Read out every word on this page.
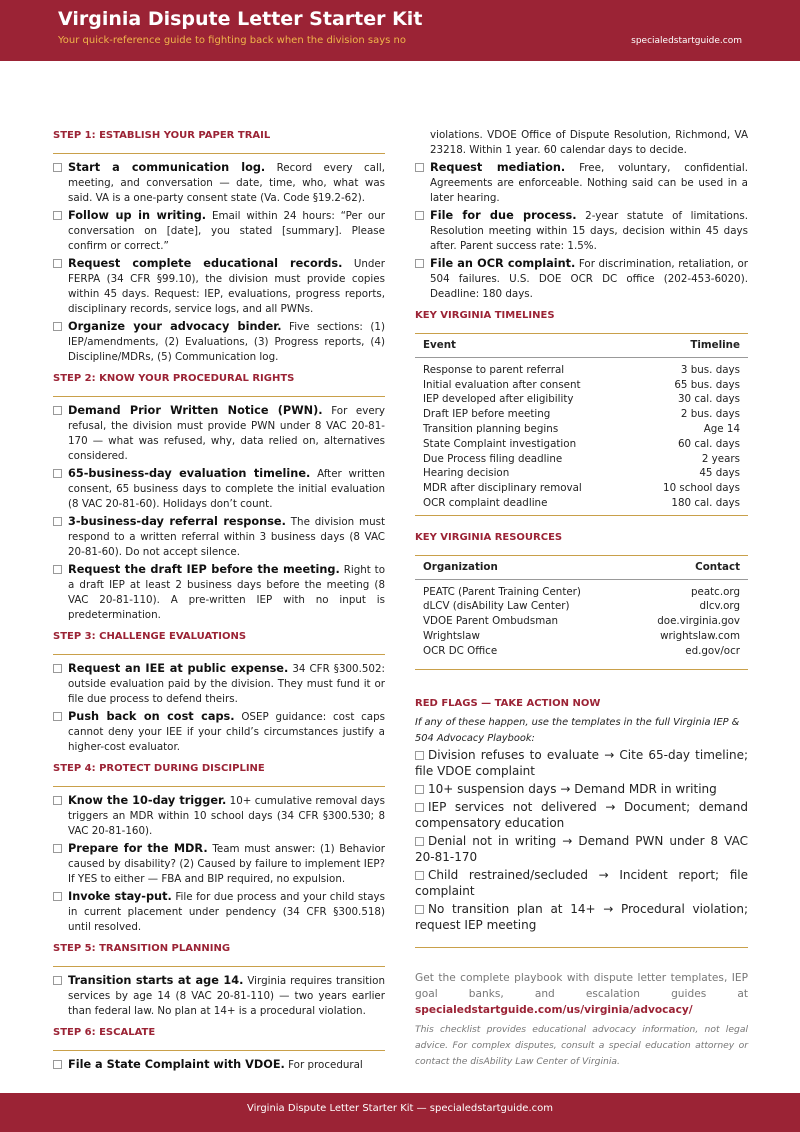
Virginia Dispute Letter Starter Kit
Your quick-reference guide to fighting back when the division says no	specialedstartguide.com
STEP 1: ESTABLISH YOUR PAPER TRAIL
Start a communication log. Record every call, meeting, and conversation — date, time, who, what was said. VA is a one-party consent state (Va. Code §19.2-62).
Follow up in writing. Email within 24 hours: “Per our conversation on [date], you stated [summary]. Please confirm or correct.”
Request complete educational records. Under FERPA (34 CFR §99.10), the division must provide copies within 45 days. Request: IEP, evaluations, progress reports, disciplinary records, service logs, and all PWNs.
Organize your advocacy binder. Five sections: (1) IEP/amendments, (2) Evaluations, (3) Progress reports, (4) Discipline/MDRs, (5) Communication log.
STEP 2: KNOW YOUR PROCEDURAL RIGHTS
Demand Prior Written Notice (PWN). For every refusal, the division must provide PWN under 8 VAC 20-81-170 — what was refused, why, data relied on, alternatives considered.
65-business-day evaluation timeline. After written consent, 65 business days to complete the initial evaluation (8 VAC 20-81-60). Holidays don’t count.
3-business-day referral response. The division must respond to a written referral within 3 business days (8 VAC 20-81-60). Do not accept silence.
Request the draft IEP before the meeting. Right to a draft IEP at least 2 business days before the meeting (8 VAC 20-81-110). A pre-written IEP with no input is predetermination.
STEP 3: CHALLENGE EVALUATIONS
Request an IEE at public expense. 34 CFR §300.502: outside evaluation paid by the division. They must fund it or file due process to defend theirs.
Push back on cost caps. OSEP guidance: cost caps cannot deny your IEE if your child’s circumstances justify a higher-cost evaluator.
STEP 4: PROTECT DURING DISCIPLINE
Know the 10-day trigger. 10+ cumulative removal days triggers an MDR within 10 school days (34 CFR §300.530; 8 VAC 20-81-160).
Prepare for the MDR. Team must answer: (1) Behavior caused by disability? (2) Caused by failure to implement IEP? If YES to either — FBA and BIP required, no expulsion.
Invoke stay-put. File for due process and your child stays in current placement under pendency (34 CFR §300.518) until resolved.
STEP 5: TRANSITION PLANNING
Transition starts at age 14. Virginia requires transition services by age 14 (8 VAC 20-81-110) — two years earlier than federal law. No plan at 14+ is a procedural violation.
STEP 6: ESCALATE
File a State Complaint with VDOE. For procedural
violations. VDOE Office of Dispute Resolution, Richmond, VA 23218. Within 1 year. 60 calendar days to decide.
Request mediation. Free, voluntary, confidential. Agreements are enforceable. Nothing said can be used in a later hearing.
File for due process. 2-year statute of limitations. Resolution meeting within 15 days, decision within 45 days after. Parent success rate: 1.5%.
File an OCR complaint. For discrimination, retaliation, or 504 failures. U.S. DOE OCR DC office (202-453-6020). Deadline: 180 days.
KEY VIRGINIA TIMELINES
Event	Timeline
Response to parent referral	3 bus. days
Initial evaluation after consent	65 bus. days
IEP developed after eligibility	30 cal. days
Draft IEP before meeting	2 bus. days
Transition planning begins	Age 14
State Complaint investigation	60 cal. days
Due Process filing deadline	2 years
Hearing decision	45 days
MDR after disciplinary removal	10 school days
OCR complaint deadline	180 cal. days
KEY VIRGINIA RESOURCES
Organization	Contact
PEATC (Parent Training Center)	peatc.org
dLCV (disAbility Law Center)	dlcv.org
VDOE Parent Ombudsman	doe.virginia.gov
Wrightslaw	wrightslaw.com
OCR DC Office	ed.gov/ocr
RED FLAGS — TAKE ACTION NOW
If any of these happen, use the templates in the full Virginia IEP & 504 Advocacy Playbook:
Division refuses to evaluate → Cite 65-day timeline; file VDOE complaint
10+ suspension days → Demand MDR in writing
IEP services not delivered → Document; demand compensatory education
Denial not in writing → Demand PWN under 8 VAC 20-81-170
Child restrained/secluded → Incident report; file complaint
No transition plan at 14+ → Procedural violation; request IEP meeting
Get the complete playbook with dispute letter templates, IEP goal banks, and escalation guides at specialedstartguide.com/us/virginia/advocacy/
This checklist provides educational advocacy information, not legal advice. For complex disputes, consult a special education attorney or contact the disAbility Law Center of Virginia.
Virginia Dispute Letter Starter Kit — specialedstartguide.com
